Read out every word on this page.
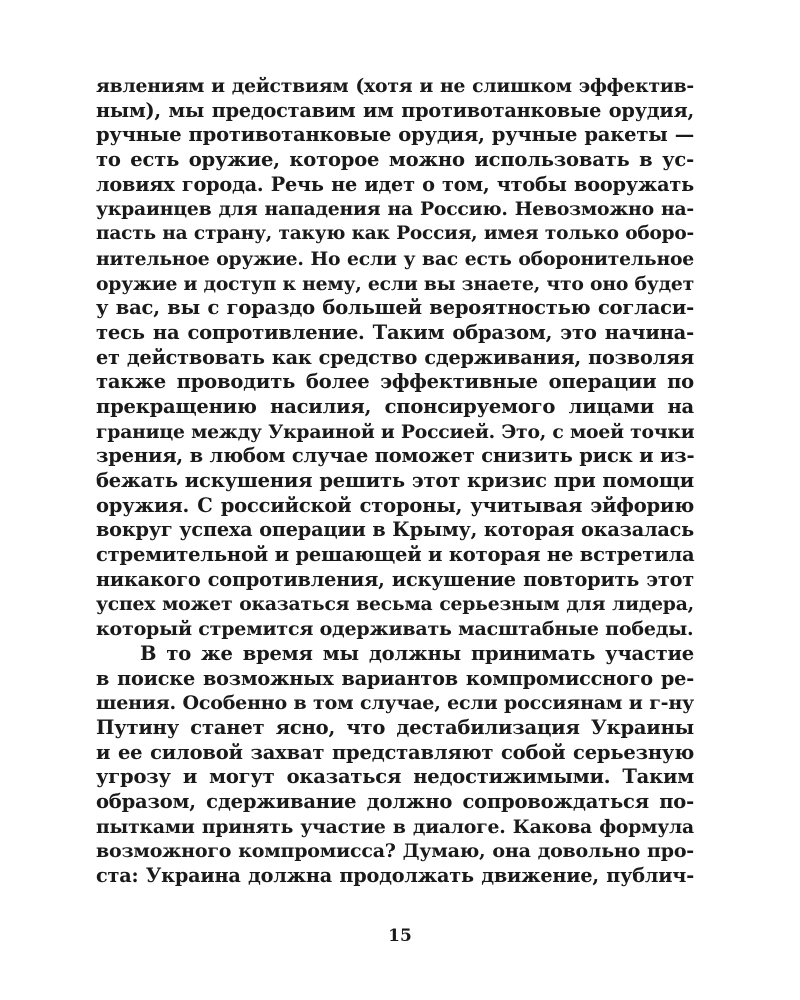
явлениям и действиям (хотя и не слишком эффектив-
ным), мы предоставим им противотанковые орудия,
ручные противотанковые орудия, ручные ракеты —
то есть оружие, которое можно использовать в ус-
ловиях города. Речь не идет о том, чтобы вооружать
украинцев для нападения на Россию. Невозможно на-
пасть на страну, такую как Россия, имея только оборо-
нительное оружие. Но если у вас есть оборонительное
оружие и доступ к нему, если вы знаете, что оно будет
у вас, вы с гораздо большей вероятностью согласи-
тесь на сопротивление. Таким образом, это начина-
ет действовать как средство сдерживания, позволяя
также проводить более эффективные операции по
прекращению насилия, спонсируемого лицами на
границе между Украиной и Россией. Это, с моей точки
зрения, в любом случае поможет снизить риск и из-
бежать искушения решить этот кризис при помощи
оружия. С российской стороны, учитывая эйфорию
вокруг успеха операции в Крыму, которая оказалась
стремительной и решающей и которая не встретила
никакого сопротивления, искушение повторить этот
успех может оказаться весьма серьезным для лидера,
который стремится одерживать масштабные победы.
В то же время мы должны принимать участие
в поиске возможных вариантов компромиссного ре-
шения. Особенно в том случае, если россиянам и г-ну
Путину станет ясно, что дестабилизация Украины
и ее силовой захват представляют собой серьезную
угрозу и могут оказаться недостижимыми. Таким
образом, сдерживание должно сопровождаться по-
пытками принять участие в диалоге. Какова формула
возможного компромисса? Думаю, она довольно про-
ста: Украина должна продолжать движение, публич-
15
